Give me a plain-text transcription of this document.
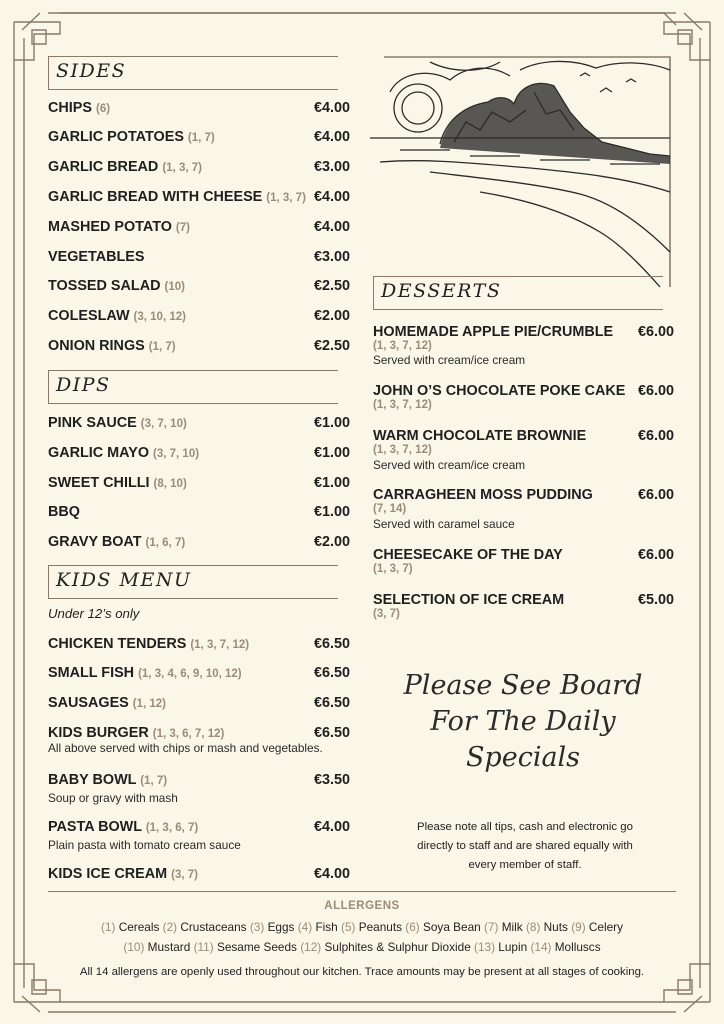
SIDES
CHIPS (6)	€4.00
GARLIC POTATOES (1, 7)	€4.00
GARLIC BREAD (1, 3, 7)	€3.00
GARLIC BREAD WITH CHEESE (1, 3, 7) €4.00
MASHED POTATO (7)	€4.00
VEGETABLES	€3.00
TOSSED SALAD (10)	€2.50
COLESLAW (3, 10, 12)	€2.00
ONION RINGS (1, 7)	€2.50
DIPS
PINK SAUCE (3, 7, 10)	€1.00
GARLIC MAYO (3, 7, 10)	€1.00
SWEET CHILLI (8, 10)	€1.00
BBQ	€1.00
GRAVY BOAT (1, 6, 7)	€2.00
KIDS MENU
Under 12’s only
CHICKEN TENDERS (1, 3, 7, 12)	€6.50
SMALL FISH (1, 3, 4, 6, 9, 10, 12)	€6.50
SAUSAGES (1, 12)	€6.50
KIDS BURGER (1, 3, 6, 7, 12)	€6.50
All above served with chips or mash and vegetables.
BABY BOWL (1, 7)	€3.50
Soup or gravy with mash
PASTA BOWL (1, 3, 6, 7)	€4.00
Plain pasta with tomato cream sauce
KIDS ICE CREAM (3, 7)	€4.00
DESSERTS
HOMEMADE APPLE PIE/CRUMBLE	€6.00
(1, 3, 7, 12)
Served with cream/ice cream
JOHN O’S CHOCOLATE POKE CAKE €6.00
(1, 3, 7, 12)
WARM CHOCOLATE BROWNIE	€6.00
(1, 3, 7, 12)
Served with cream/ice cream
CARRAGHEEN MOSS PUDDING	€6.00
(7, 14)
Served with caramel sauce
CHEESECAKE OF THE DAY	€6.00
(1, 3, 7)
SELECTION OF ICE CREAM	€5.00
(3, 7)
Please See Board
For The Daily
Specials
Please note all tips, cash and electronic go
directly to staff and are shared equally with
every member of staff.
ALLERGENS
(1) Cereals (2) Crustaceans (3) Eggs (4) Fish (5) Peanuts (6) Soya Bean (7) Milk (8) Nuts (9) Celery
(10) Mustard (11) Sesame Seeds (12) Sulphites & Sulphur Dioxide (13) Lupin (14) Molluscs
All 14 allergens are openly used throughout our kitchen. Trace amounts may be present at all stages of cooking.
